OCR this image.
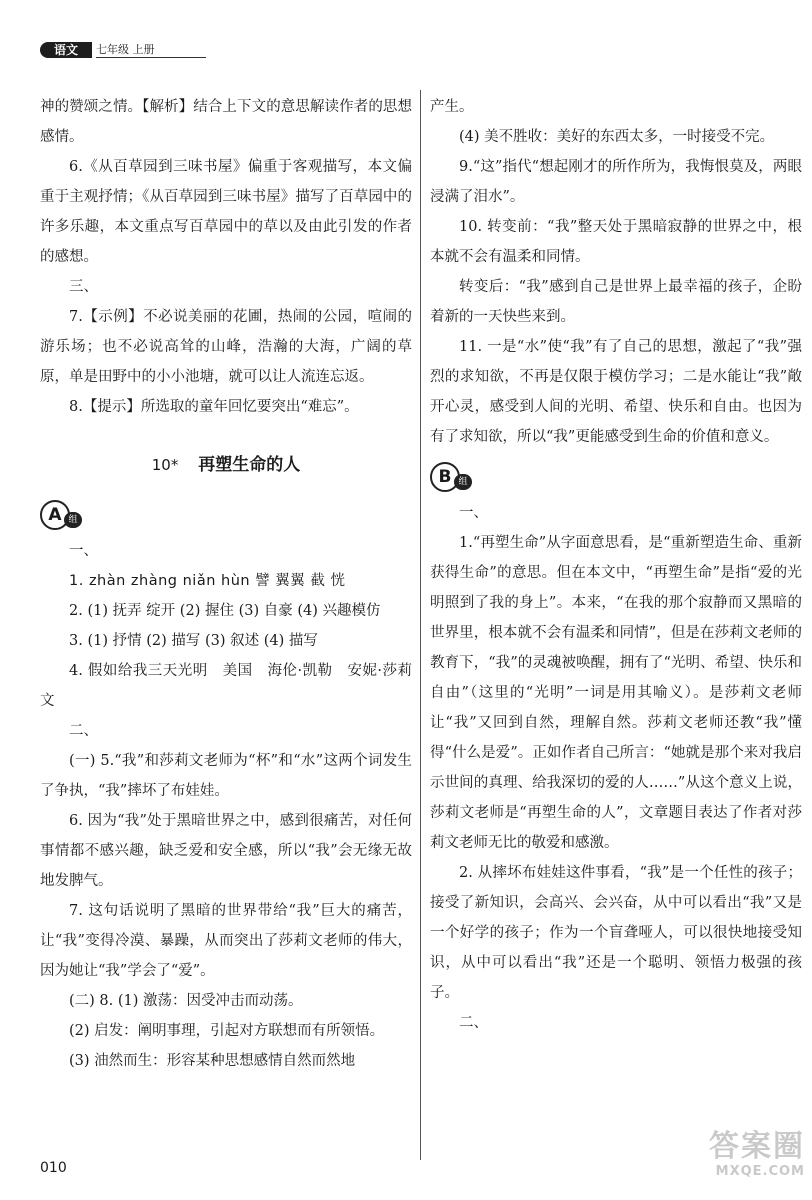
语文	七年级 上册

神的赞颂之情。【解析】结合上下文的意思解读作者的思想感情。

6.《从百草园到三味书屋》偏重于客观描写，本文偏重于主观抒情；《从百草园到三味书屋》描写了百草园中的许多乐趣，本文重点写百草园中的草以及由此引发的作者的感想。

三、

7.【示例】不必说美丽的花圃，热闹的公园，喧闹的游乐场；也不必说高耸的山峰，浩瀚的大海，广阔的草原，单是田野中的小小池塘，就可以让人流连忘返。

8.【提示】所选取的童年回忆要突出“难忘”。

10* 再塑生命的人
A 组

一、

1. zhàn zhàng niǎn hùn 譬 翼翼 截 恍

2. (1) 抚弄 绽开 (2) 握住 (3) 自豪 (4) 兴趣模仿

3. (1) 抒情 (2) 描写 (3) 叙述 (4) 描写

4. 假如给我三天光明　美国　海伦·凯勒　安妮·莎莉文

二、

(一) 5.“我”和莎莉文老师为“杯”和“水”这两个词发生了争执，“我”摔坏了布娃娃。

6. 因为“我”处于黑暗世界之中，感到很痛苦，对任何事情都不感兴趣，缺乏爱和安全感，所以“我”会无缘无故地发脾气。

7. 这句话说明了黑暗的世界带给“我”巨大的痛苦，让“我”变得冷漠、暴躁，从而突出了莎莉文老师的伟大，因为她让“我”学会了“爱”。

(二) 8. (1) 激荡：因受冲击而动荡。

(2) 启发：阐明事理，引起对方联想而有所领悟。

(3) 油然而生：形容某种思想感情自然而然地

产生。

(4) 美不胜收：美好的东西太多，一时接受不完。

9.“这”指代“想起刚才的所作所为，我悔恨莫及，两眼浸满了泪水”。

10. 转变前：“我”整天处于黑暗寂静的世界之中，根本就不会有温柔和同情。

转变后：“我”感到自己是世界上最幸福的孩子，企盼着新的一天快些来到。

11. 一是“水”使“我”有了自己的思想，激起了“我”强烈的求知欲，不再是仅限于模仿学习；二是水能让“我”敞开心灵，感受到人间的光明、希望、快乐和自由。也因为有了求知欲，所以“我”更能感受到生命的价值和意义。

B 组

一、

1.“再塑生命”从字面意思看，是“重新塑造生命、重新获得生命”的意思。但在本文中，“再塑生命”是指“爱的光明照到了我的身上”。本来，“在我的那个寂静而又黑暗的世界里，根本就不会有温柔和同情”，但是在莎莉文老师的教育下，“我”的灵魂被唤醒，拥有了“光明、希望、快乐和自由”（这里的“光明”一词是用其喻义）。是莎莉文老师让“我”又回到自然，理解自然。莎莉文老师还教“我”懂得“什么是爱”。正如作者自己所言：“她就是那个来对我启示世间的真理、给我深切的爱的人……”从这个意义上说，莎莉文老师是“再塑生命的人”，文章题目表达了作者对莎莉文老师无比的敬爱和感激。

2. 从摔坏布娃娃这件事看，“我”是一个任性的孩子；接受了新知识，会高兴、会兴奋，从中可以看出“我”又是一个好学的孩子；作为一个盲聋哑人，可以很快地接受知识，从中可以看出“我”还是一个聪明、领悟力极强的孩子。

二、

010
答案圈
MXQE.COM
